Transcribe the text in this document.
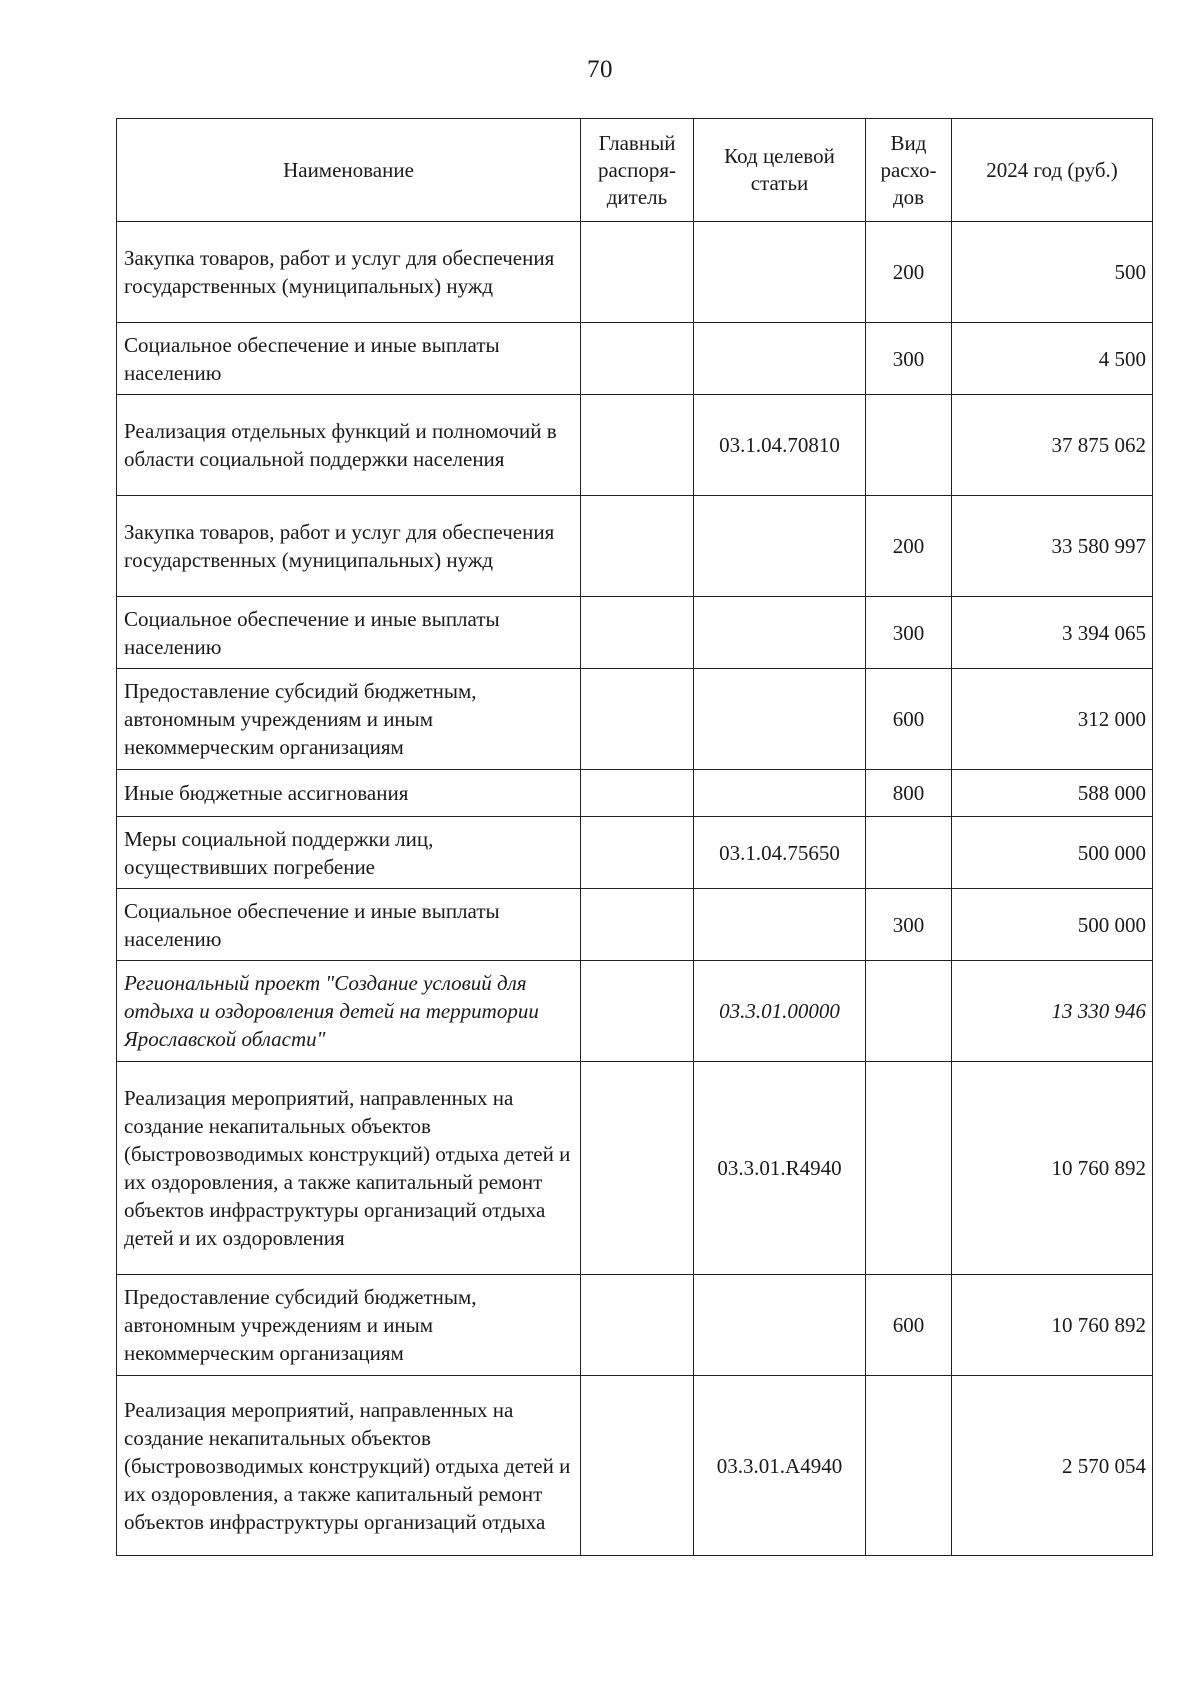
70
Наименование	Главный распоря-дитель	Код целевой статьи	Вид расхо-дов	2024 год (руб.)
Закупка товаров, работ и услуг для обеспечения государственных (муниципальных) нужд			200	500
Социальное обеспечение и иные выплаты населению			300	4 500
Реализация отдельных функций и полномочий в области социальной поддержки населения		03.1.04.70810		37 875 062
Закупка товаров, работ и услуг для обеспечения государственных (муниципальных) нужд			200	33 580 997
Социальное обеспечение и иные выплаты населению			300	3 394 065
Предоставление субсидий бюджетным, автономным учреждениям и иным некоммерческим организациям			600	312 000
Иные бюджетные ассигнования			800	588 000
Меры социальной поддержки лиц, осуществивших погребение		03.1.04.75650		500 000
Социальное обеспечение и иные выплаты населению			300	500 000
Региональный проект "Создание условий для отдыха и оздоровления детей на территории Ярославской области"		03.3.01.00000		13 330 946
Реализация мероприятий, направленных на создание некапитальных объектов (быстровозводимых конструкций) отдыха детей и их оздоровления, а также капитальный ремонт объектов инфраструктуры организаций отдыха детей и их оздоровления		03.3.01.R4940		10 760 892
Предоставление субсидий бюджетным, автономным учреждениям и иным некоммерческим организациям			600	10 760 892
Реализация мероприятий, направленных на создание некапитальных объектов (быстровозводимых конструкций) отдыха детей и их оздоровления, а также капитальный ремонт объектов инфраструктуры организаций отдыха		03.3.01.A4940		2 570 054
